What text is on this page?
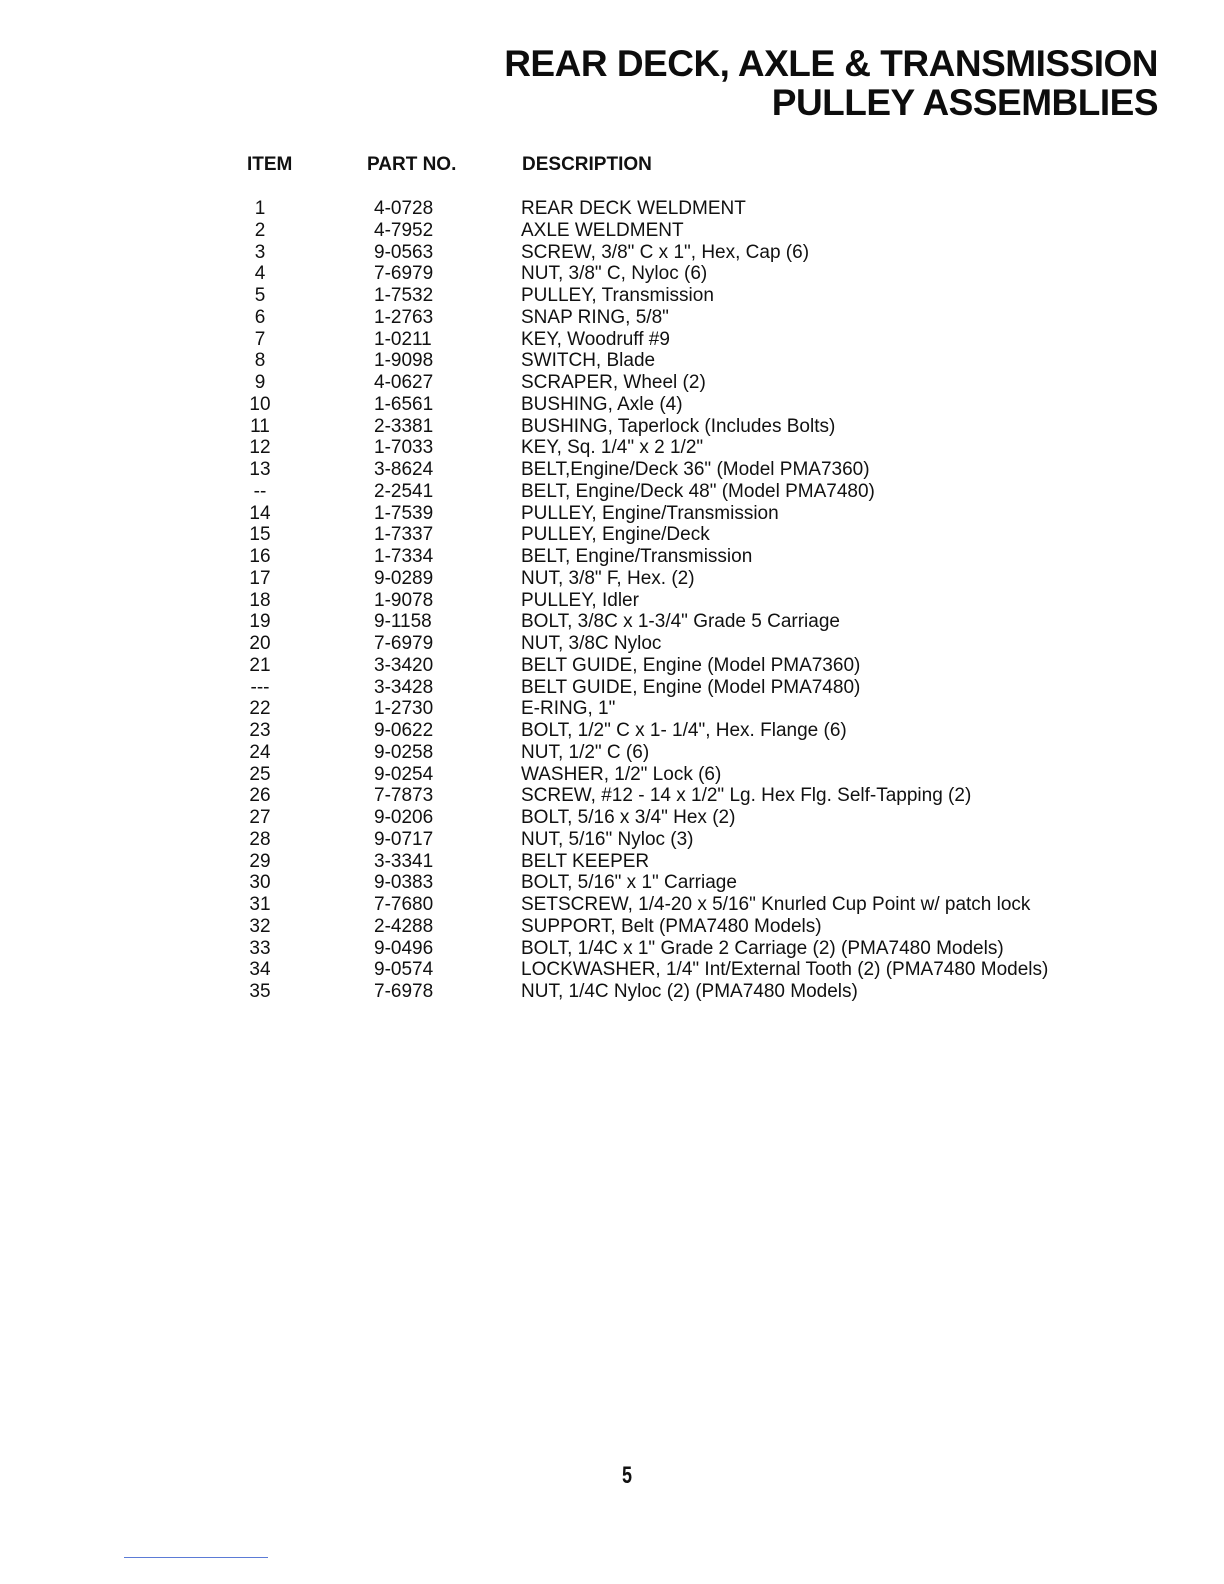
REAR DECK, AXLE & TRANSMISSION
PULLEY ASSEMBLIES
ITEM	PART NO.	DESCRIPTION
1	4-0728	REAR DECK WELDMENT
2	4-7952	AXLE WELDMENT
3	9-0563	SCREW, 3/8" C x 1", Hex, Cap (6)
4	7-6979	NUT, 3/8" C, Nyloc (6)
5	1-7532	PULLEY, Transmission
6	1-2763	SNAP RING, 5/8"
7	1-0211	KEY, Woodruff #9
8	1-9098	SWITCH, Blade
9	4-0627	SCRAPER, Wheel (2)
10	1-6561	BUSHING, Axle (4)
11	2-3381	BUSHING, Taperlock (Includes Bolts)
12	1-7033	KEY, Sq. 1/4" x 2 1/2"
13	3-8624	BELT,Engine/Deck 36" (Model PMA7360)
--	2-2541	BELT, Engine/Deck 48" (Model PMA7480)
14	1-7539	PULLEY, Engine/Transmission
15	1-7337	PULLEY, Engine/Deck
16	1-7334	BELT, Engine/Transmission
17	9-0289	NUT, 3/8" F, Hex. (2)
18	1-9078	PULLEY, Idler
19	9-1158	BOLT, 3/8C x 1-3/4" Grade 5 Carriage
20	7-6979	NUT, 3/8C Nyloc
21	3-3420	BELT GUIDE, Engine (Model PMA7360)
---	3-3428	BELT GUIDE, Engine (Model PMA7480)
22	1-2730	E-RING, 1"
23	9-0622	BOLT, 1/2" C x 1- 1/4", Hex. Flange (6)
24	9-0258	NUT, 1/2" C (6)
25	9-0254	WASHER, 1/2" Lock (6)
26	7-7873	SCREW, #12 - 14 x 1/2" Lg. Hex Flg. Self-Tapping (2)
27	9-0206	BOLT, 5/16 x 3/4" Hex (2)
28	9-0717	NUT, 5/16" Nyloc (3)
29	3-3341	BELT KEEPER
30	9-0383	BOLT, 5/16" x 1" Carriage
31	7-7680	SETSCREW, 1/4-20 x 5/16" Knurled Cup Point w/ patch lock
32	2-4288	SUPPORT, Belt (PMA7480 Models)
33	9-0496	BOLT, 1/4C x 1" Grade 2 Carriage (2) (PMA7480 Models)
34	9-0574	LOCKWASHER, 1/4" Int/External Tooth (2) (PMA7480 Models)
35	7-6978	NUT, 1/4C Nyloc (2) (PMA7480 Models)
5
